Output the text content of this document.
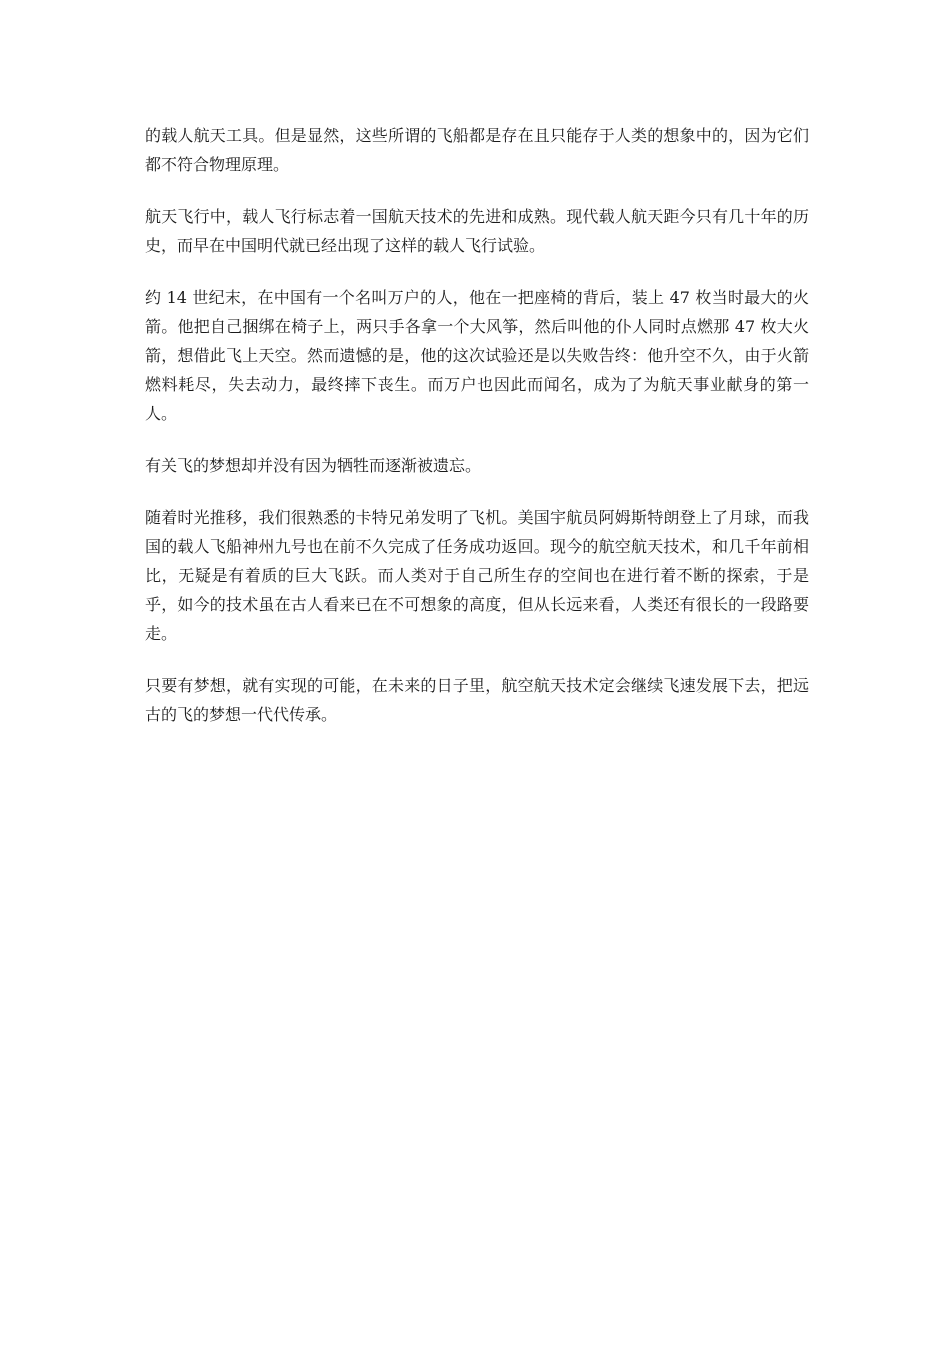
的载人航天工具。但是显然，这些所谓的飞船都是存在且只能存于人类的想象中的，因为它们都不符合物理原理。

航天飞行中，载人飞行标志着一国航天技术的先进和成熟。现代载人航天距今只有几十年的历史，而早在中国明代就已经出现了这样的载人飞行试验。

约 14 世纪末，在中国有一个名叫万户的人，他在一把座椅的背后，装上 47 枚当时最大的火箭。他把自己捆绑在椅子上，两只手各拿一个大风筝，然后叫他的仆人同时点燃那 47 枚大火箭，想借此飞上天空。然而遗憾的是，他的这次试验还是以失败告终：他升空不久，由于火箭燃料耗尽，失去动力，最终摔下丧生。而万户也因此而闻名，成为了为航天事业献身的第一人。

有关飞的梦想却并没有因为牺牲而逐渐被遗忘。

随着时光推移，我们很熟悉的卡特兄弟发明了飞机。美国宇航员阿姆斯特朗登上了月球，而我国的载人飞船神州九号也在前不久完成了任务成功返回。现今的航空航天技术，和几千年前相比，无疑是有着质的巨大飞跃。而人类对于自己所生存的空间也在进行着不断的探索，于是乎，如今的技术虽在古人看来已在不可想象的高度，但从长远来看，人类还有很长的一段路要走。

只要有梦想，就有实现的可能，在未来的日子里，航空航天技术定会继续飞速发展下去，把远古的飞的梦想一代代传承。
